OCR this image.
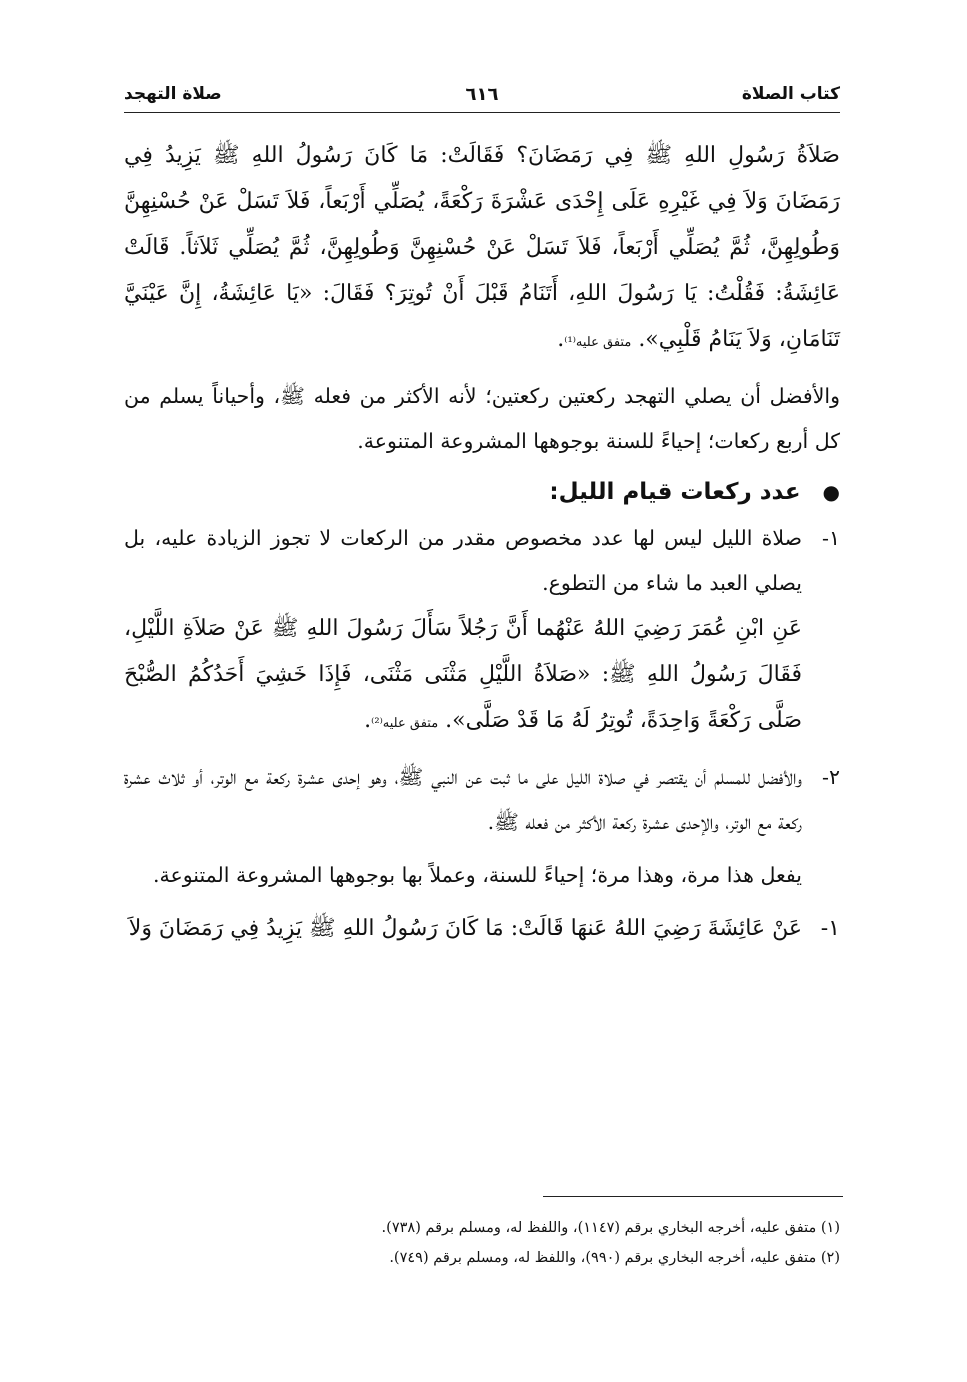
كتاب الصلاة
٦١٦
صلاة التهجد

صَلاَةُ رَسُولِ اللهِ ﷺ فِي رَمَضَانَ؟ فَقَالَتْ: مَا كَانَ رَسُولُ اللهِ ﷺ يَزِيدُ فِي رَمَضَانَ وَلاَ فِي غَيْرِهِ عَلَى إِحْدَى عَشْرَةَ رَكْعَةً، يُصَلِّي أَرْبَعاً، فَلاَ تَسَلْ عَنْ حُسْنِهِنَّ وَطُولِهِنَّ، ثُمَّ يُصَلِّي أَرْبَعاً، فَلاَ تَسَلْ عَنْ حُسْنِهِنَّ وَطُولِهِنَّ، ثُمَّ يُصَلِّي ثَلاَثاً. قَالَتْ عَائِشَةُ: فَقُلْتُ: يَا رَسُولَ اللهِ، أَتَنَامُ قَبْلَ أَنْ تُوتِرَ؟ فَقَالَ: «يَا عَائِشَةُ، إِنَّ عَيْنَيَّ تَنَامَانِ، وَلاَ يَنَامُ قَلْبِي». متفق عليه⁽¹⁾.

والأفضل أن يصلي التهجد ركعتين ركعتين؛ لأنه الأكثر من فعله ﷺ، وأحياناً يسلم من كل أربع ركعات؛ إحياءً للسنة بوجوهها المشروعة المتنوعة.

●عدد ركعات قيام الليل:
١-
صلاة الليل ليس لها عدد مخصوص مقدر من الركعات لا تجوز الزيادة عليه، بل يصلي العبد ما شاء من التطوع.

عَنِ ابْنِ عُمَرَ رَضِيَ اللهُ عَنْهُما أَنَّ رَجُلاً سَأَلَ رَسُولَ اللهِ ﷺ عَنْ صَلاَةِ اللَّيْلِ، فَقَالَ رَسُولُ اللهِ ﷺ: «صَلاَةُ اللَّيْلِ مَثْنَى مَثْنَى، فَإِذَا خَشِيَ أَحَدُكُمُ الصُّبْحَ صَلَّى رَكْعَةً وَاحِدَةً، تُوتِرُ لَهُ مَا قَدْ صَلَّى». متفق عليه⁽²⁾.

٢-
والأفضل للمسلم أن يقتصر في صلاة الليل على ما ثبت عن النبي ﷺ، وهو إحدى عشرة ركعة مع الوتر، أو ثلاث عشرة ركعة مع الوتر، والإحدى عشرة ركعة الأكثر من فعله ﷺ.

يفعل هذا مرة، وهذا مرة؛ إحياءً للسنة، وعملاً بها بوجوهها المشروعة المتنوعة.

١-
عَنْ عَائِشَةَ رَضِيَ اللهُ عَنهَا قَالَتْ: مَا كَانَ رَسُولُ اللهِ ﷺ يَزِيدُ فِي رَمَضَانَ وَلاَ
(١) متفق عليه، أخرجه البخاري برقم (١١٤٧)، واللفظ له، ومسلم برقم (٧٣٨).
(٢) متفق عليه، أخرجه البخاري برقم (٩٩٠)، واللفظ له، ومسلم برقم (٧٤٩).
